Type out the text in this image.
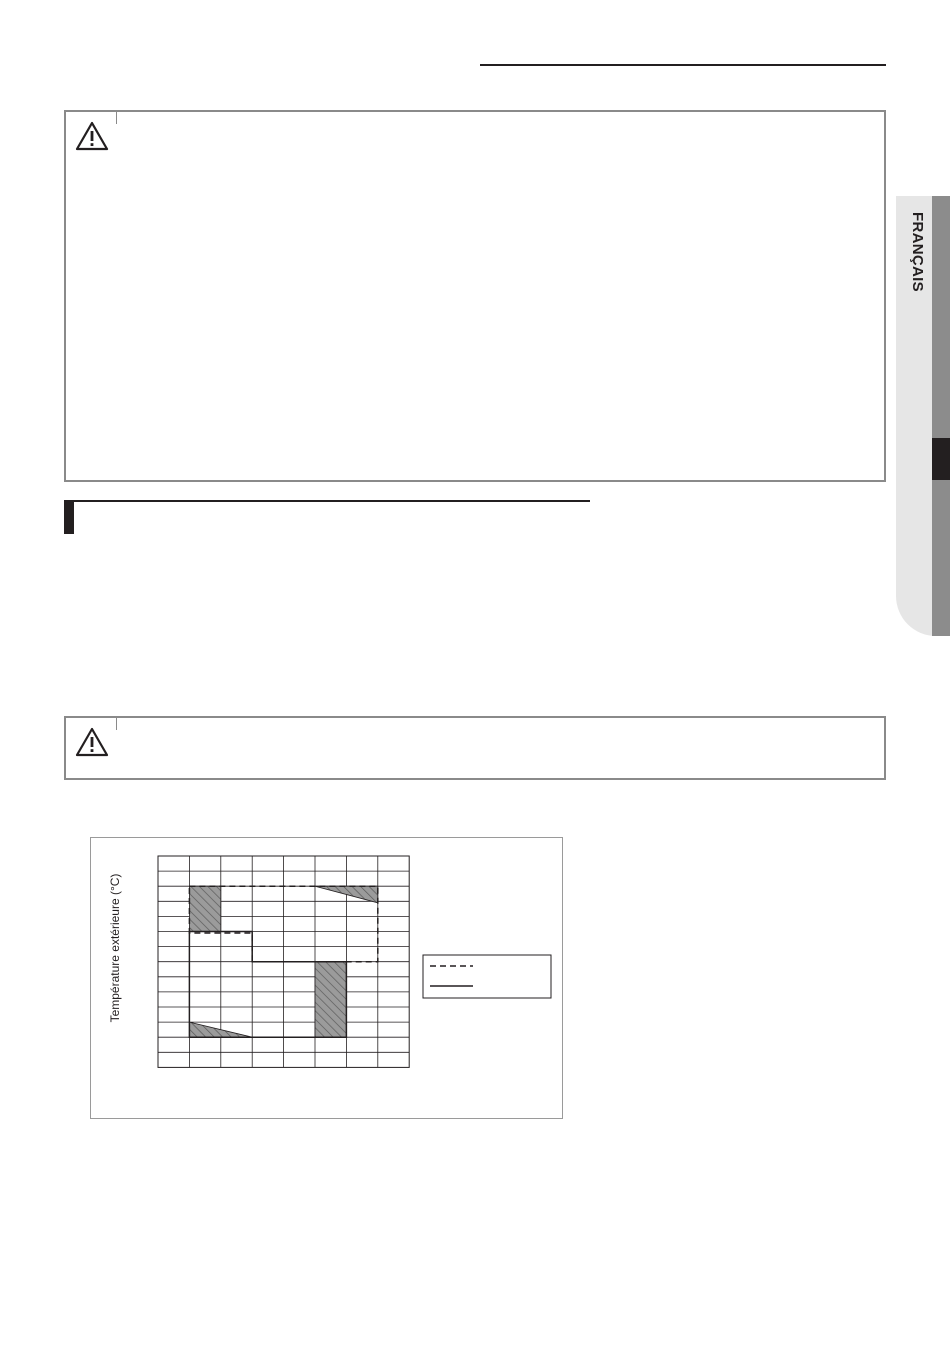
FRANÇAIS
Température extérieure (°C)
